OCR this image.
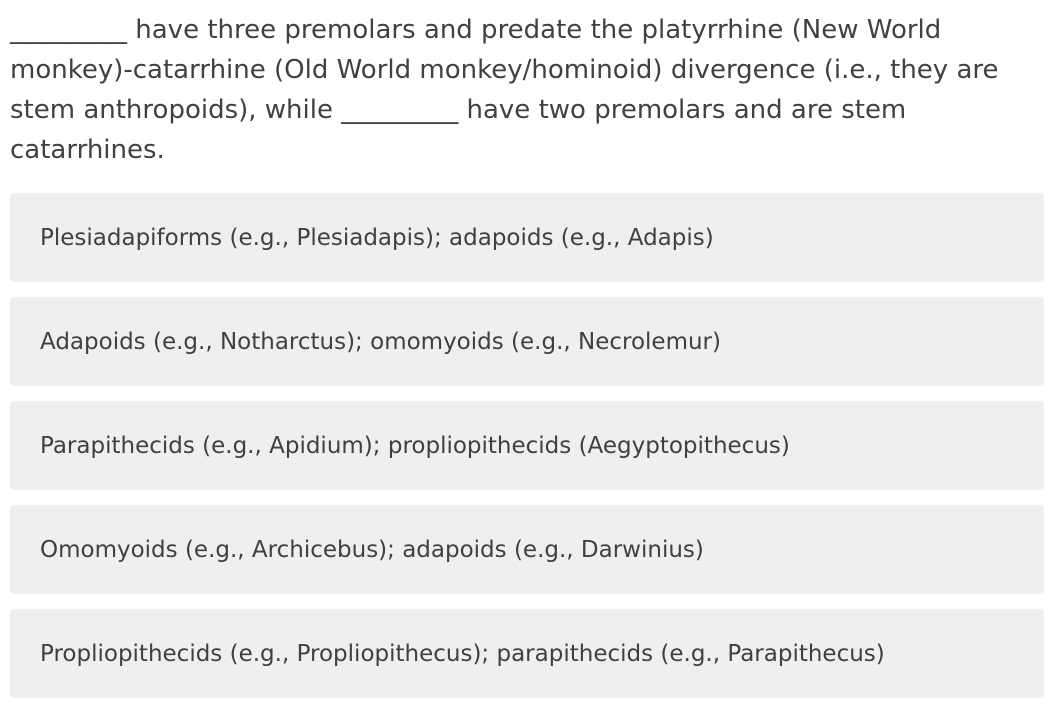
_________ have three premolars and predate the platyrrhine (New World monkey)-catarrhine (Old World monkey/hominoid) divergence (i.e., they are stem anthropoids), while _________ have two premolars and are stem catarrhines.
Plesiadapiforms (e.g., Plesiadapis); adapoids (e.g., Adapis)
Adapoids (e.g., Notharctus); omomyoids (e.g., Necrolemur)
Parapithecids (e.g., Apidium); propliopithecids (Aegyptopithecus)
Omomyoids (e.g., Archicebus); adapoids (e.g., Darwinius)
Propliopithecids (e.g., Propliopithecus); parapithecids (e.g., Parapithecus)
